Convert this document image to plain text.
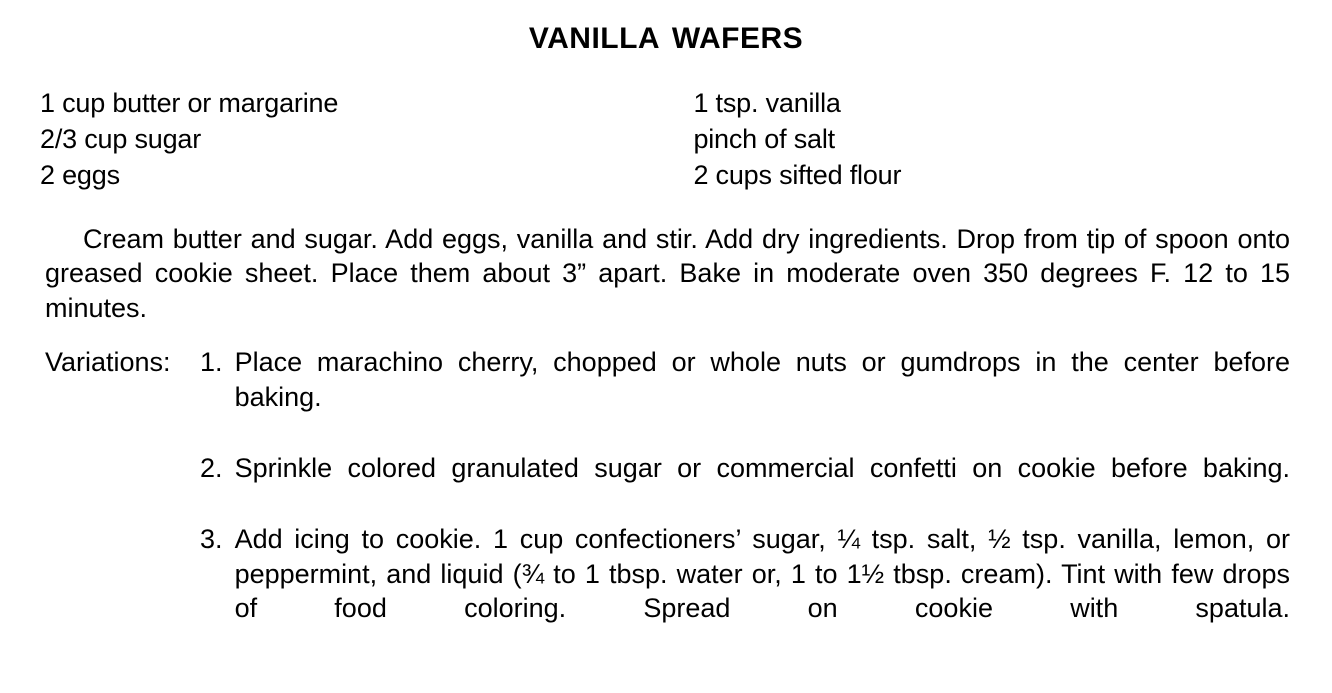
VANILLA WAFERS
1 cup butter or margarine
2/3 cup sugar
2 eggs
1 tsp. vanilla
pinch of salt
2 cups sifted flour
Cream butter and sugar. Add eggs, vanilla and stir. Add dry ingredients. Drop from tip of spoon onto greased cookie sheet. Place them about 3” apart. Bake in moderate oven 350 degrees F. 12 to 15 minutes.
Variations:	1. Place marachino cherry, chopped or whole nuts or gumdrops in the center before baking.
2. Sprinkle colored granulated sugar or commercial confetti on cookie before baking.
3. Add icing to cookie. 1 cup confectioners’ sugar, ¼ tsp. salt, ½ tsp. vanilla, lemon, or peppermint, and liquid (¾ to 1 tbsp. water or, 1 to 1½ tbsp. cream). Tint with few drops of food coloring. Spread on cookie with spatula.
